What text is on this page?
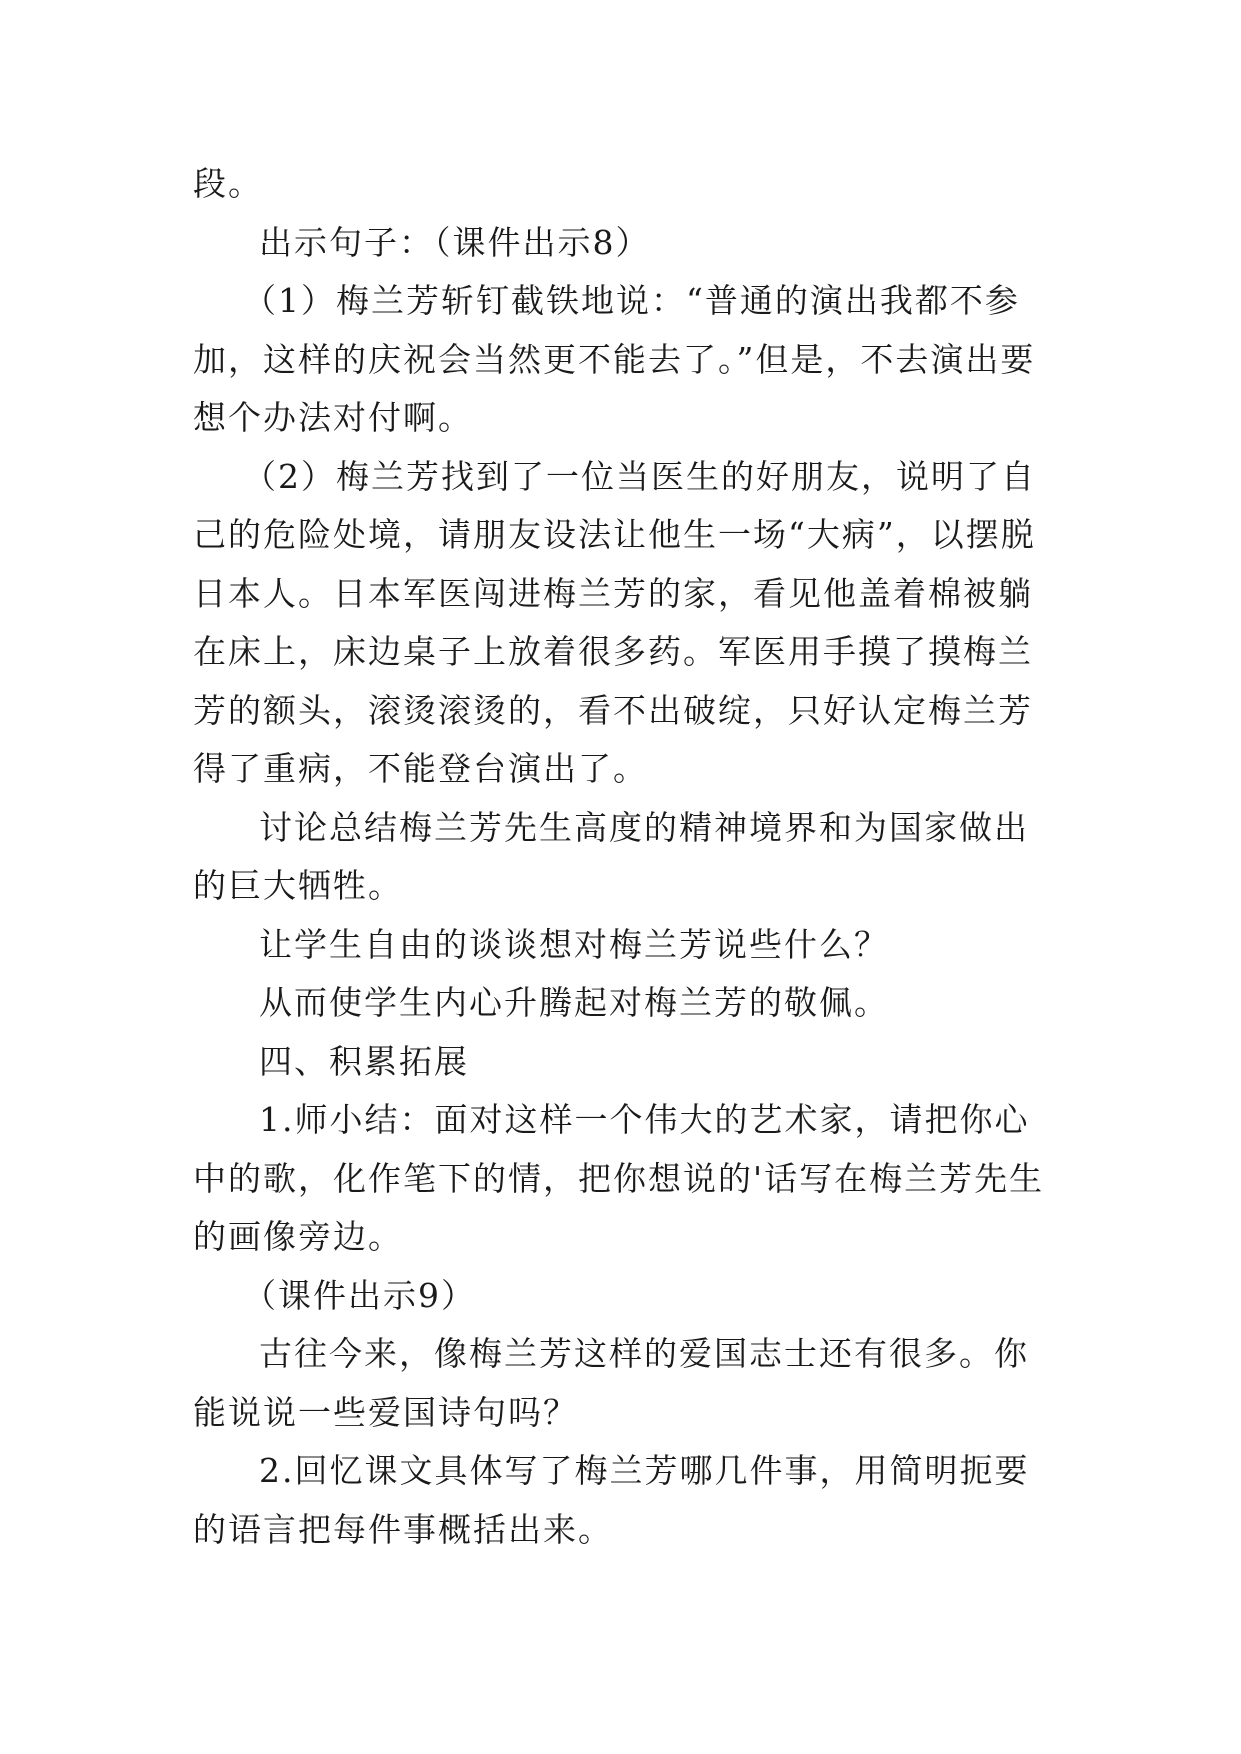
段。

出示句子：（课件出示8）

（1）梅兰芳斩钉截铁地说：“普通的演出我都不参加，这样的庆祝会当然更不能去了。”但是，不去演出要想个办法对付啊。

（2）梅兰芳找到了一位当医生的好朋友，说明了自己的危险处境，请朋友设法让他生一场“大病”，以摆脱日本人。日本军医闯进梅兰芳的家，看见他盖着棉被躺在床上，床边桌子上放着很多药。军医用手摸了摸梅兰芳的额头，滚烫滚烫的，看不出破绽，只好认定梅兰芳得了重病，不能登台演出了。

讨论总结梅兰芳先生高度的精神境界和为国家做出的巨大牺牲。

让学生自由的谈谈想对梅兰芳说些什么？

从而使学生内心升腾起对梅兰芳的敬佩。

四、积累拓展

1.师小结：面对这样一个伟大的艺术家，请把你心中的歌，化作笔下的情，把你想说的'话写在梅兰芳先生的画像旁边。

（课件出示9）

古往今来，像梅兰芳这样的爱国志士还有很多。你能说说一些爱国诗句吗？

2.回忆课文具体写了梅兰芳哪几件事，用简明扼要的语言把每件事概括出来。
